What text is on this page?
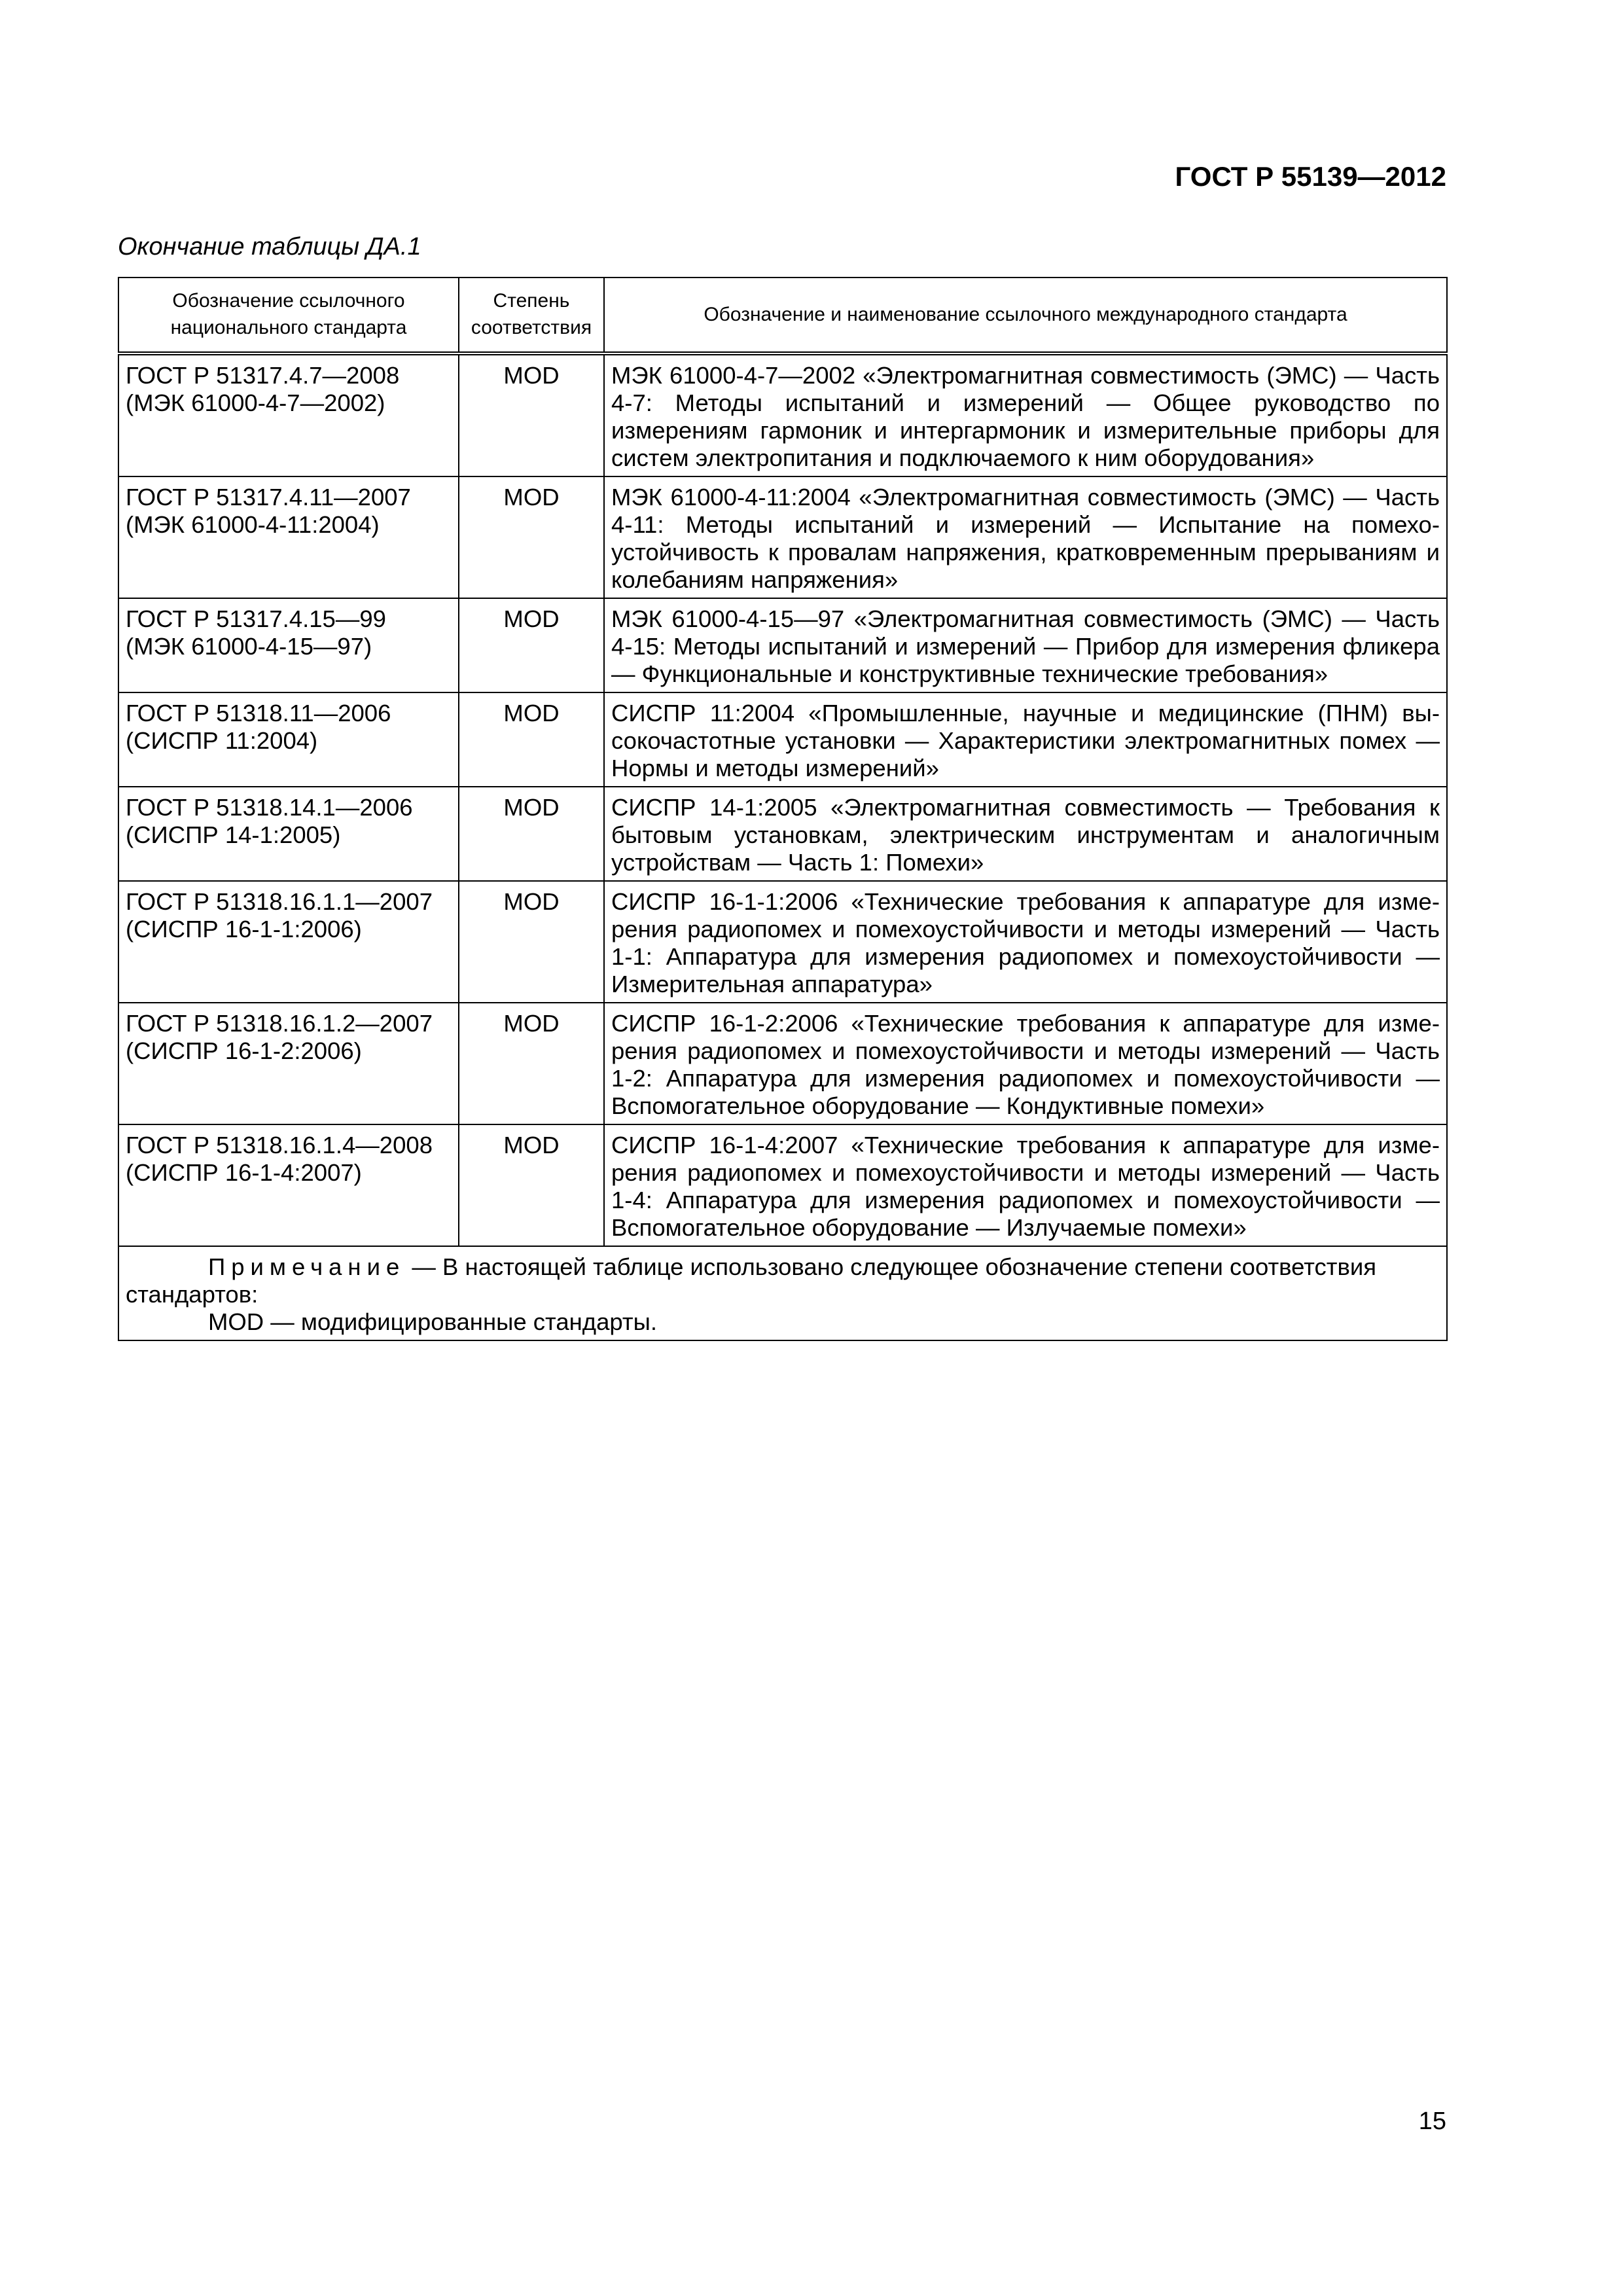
ГОСТ Р 55139—2012
Окончание таблицы ДА.1
Обозначение ссылочного национального стандарта	Степень соответствия	Обозначение и наименование ссылочного международного стандарта

ГОСТ Р 51317.4.7—2008
(МЭК 61000-4-7—2002)	MOD	МЭК 61000-4-7—2002 «Электромагнитная совместимость (ЭМС) — Часть 4-7: Методы испытаний и измерений — Общее руководство по измерениям гармоник и интергармоник и измерительные приборы для систем электропитания и подключаемого к ним оборудования»

ГОСТ Р 51317.4.11—2007
(МЭК 61000-4-11:2004)	MOD	МЭК 61000-4-11:2004 «Электромагнитная совместимость (ЭМС) — Часть 4-11: Методы испытаний и измерений — Испытание на помехоустойчивость к провалам напряжения, кратковременным прерываниям и колебаниям напряжения»

ГОСТ Р 51317.4.15—99
(МЭК 61000-4-15—97)	MOD	МЭК 61000-4-15—97 «Электромагнитная совместимость (ЭМС) — Часть 4-15: Методы испытаний и измерений — Прибор для измерения фликера — Функциональные и конструктивные технические требования»

ГОСТ Р 51318.11—2006
(СИСПР 11:2004)	MOD	СИСПР 11:2004 «Промышленные, научные и медицинские (ПНМ) высокочастотные установки — Характеристики электромагнитных помех — Нормы и методы измерений»

ГОСТ Р 51318.14.1—2006
(СИСПР 14-1:2005)	MOD	СИСПР 14-1:2005 «Электромагнитная совместимость — Требования к бытовым установкам, электрическим инструментам и аналогичным устройствам — Часть 1: Помехи»

ГОСТ Р 51318.16.1.1—2007
(СИСПР 16-1-1:2006)	MOD	СИСПР 16-1-1:2006 «Технические требования к аппаратуре для измерения радиопомех и помехоустойчивости и методы измерений — Часть 1-1: Аппаратура для измерения радиопомех и помехоустойчивости — Измерительная аппаратура»

ГОСТ Р 51318.16.1.2—2007
(СИСПР 16-1-2:2006)	MOD	СИСПР 16-1-2:2006 «Технические требования к аппаратуре для измерения радиопомех и помехоустойчивости и методы измерений — Часть 1-2: Аппаратура для измерения радиопомех и помехоустойчивости — Вспомогательное оборудование — Кондуктивные помехи»

ГОСТ Р 51318.16.1.4—2008
(СИСПР 16-1-4:2007)	MOD	СИСПР 16-1-4:2007 «Технические требования к аппаратуре для измерения радиопомех и помехоустойчивости и методы измерений — Часть 1-4: Аппаратура для измерения радиопомех и помехоустойчивости — Вспомогательное оборудование — Излучаемые помехи»

Примечание — В настоящей таблице использовано следующее обозначение степени соответствия стандартов:
MOD — модифицированные стандарты.		
15
